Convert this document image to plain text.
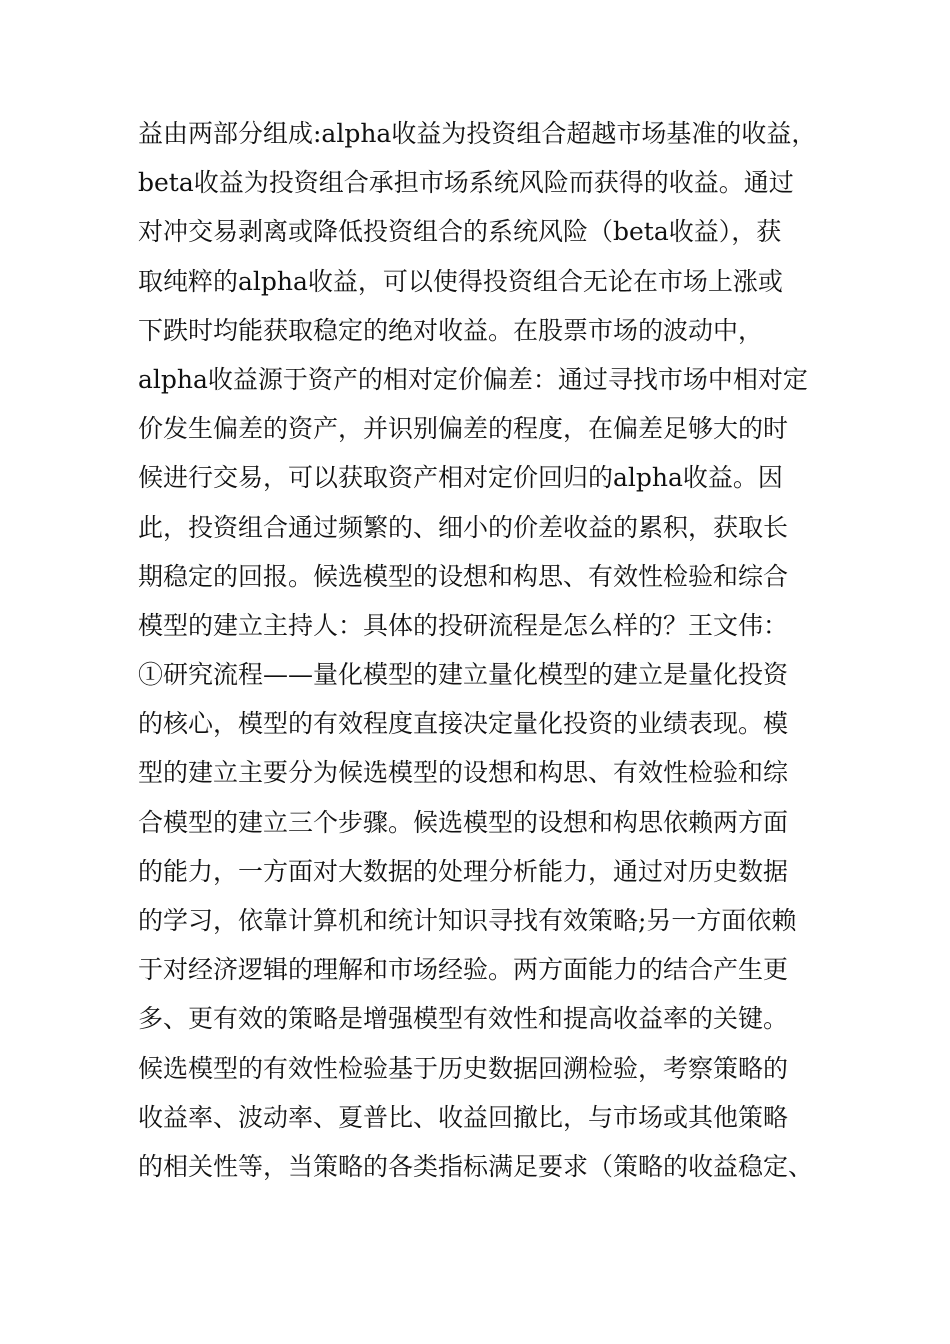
益由两部分组成:alpha收益为投资组合超越市场基准的收益，
beta收益为投资组合承担市场系统风险而获得的收益。通过
对冲交易剥离或降低投资组合的系统风险（beta收益），获
取纯粹的alpha收益，可以使得投资组合无论在市场上涨或
下跌时均能获取稳定的绝对收益。在股票市场的波动中，
alpha收益源于资产的相对定价偏差：通过寻找市场中相对定
价发生偏差的资产，并识别偏差的程度，在偏差足够大的时
候进行交易，可以获取资产相对定价回归的alpha收益。因
此，投资组合通过频繁的、细小的价差收益的累积，获取长
期稳定的回报。候选模型的设想和构思、有效性检验和综合
模型的建立主持人：具体的投研流程是怎么样的？王文伟：
①研究流程——量化模型的建立量化模型的建立是量化投资
的核心，模型的有效程度直接决定量化投资的业绩表现。模
型的建立主要分为候选模型的设想和构思、有效性检验和综
合模型的建立三个步骤。候选模型的设想和构思依赖两方面
的能力，一方面对大数据的处理分析能力，通过对历史数据
的学习，依靠计算机和统计知识寻找有效策略;另一方面依赖
于对经济逻辑的理解和市场经验。两方面能力的结合产生更
多、更有效的策略是增强模型有效性和提高收益率的关键。
候选模型的有效性检验基于历史数据回溯检验，考察策略的
收益率、波动率、夏普比、收益回撤比，与市场或其他策略
的相关性等，当策略的各类指标满足要求（策略的收益稳定、
